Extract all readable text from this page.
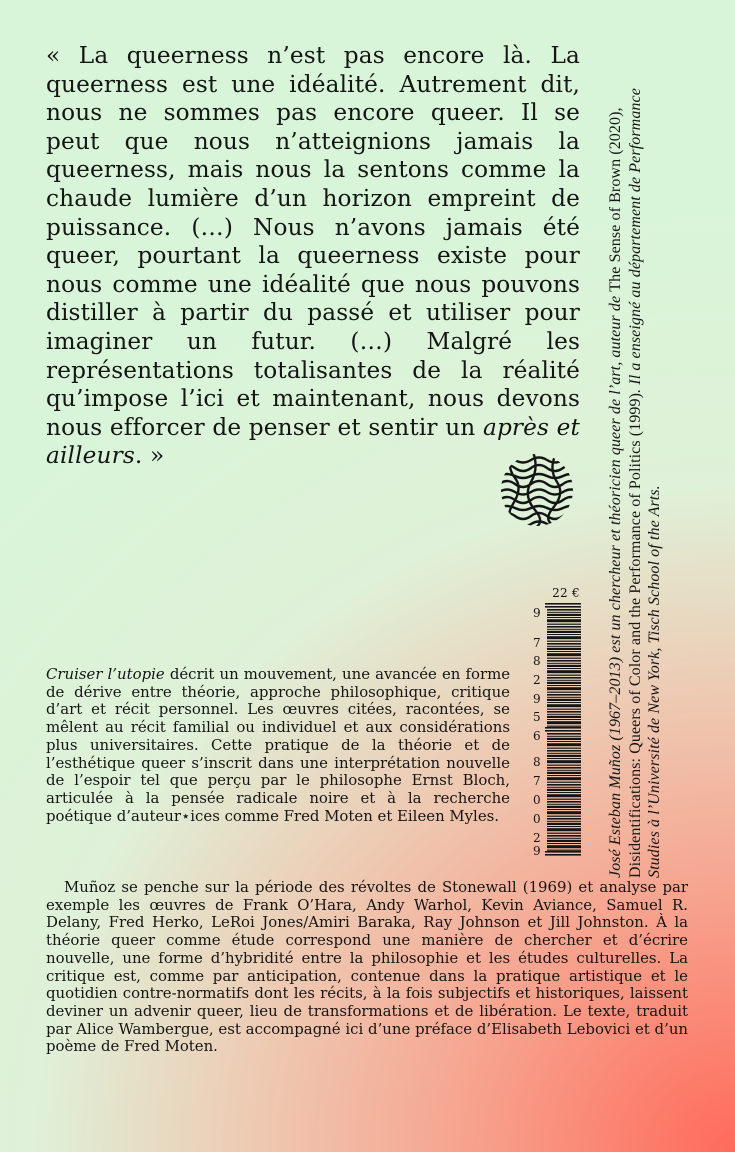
« La queerness n’est pas encore là. La queerness est une idéalité. Autrement dit, nous ne sommes pas encore queer. Il se peut que nous n’atteignions jamais la queerness, mais nous la sentons comme la chaude lumière d’un horizon empreint de puissance. (…) Nous n’avons jamais été queer, pourtant la queerness existe pour nous comme une idéalité que nous pouvons distiller à partir du passé et utiliser pour imaginer un futur. (…) Malgré les représentations totalisantes de la réalité qu’impose l’ici et maintenant, nous devons nous efforcer de penser et sentir un après et ailleurs. »

22 €
9
7
8
2
9
5
6
8
7
0
0
2
9	José Esteban Muñoz (1967–2013) est un chercheur et théoricien queer de l’art, auteur de The Sense of Brown (2020), Disidentifications: Queers of Color and the Performance of Politics (1999). Il a enseigné au département de Performance Studies à l’Université de New York, Tisch School of the Arts.

Cruiser l’utopie décrit un mouvement, une avancée en forme de dérive entre théorie, approche philosophique, critique d’art et récit personnel. Les œuvres citées, racontées, se mêlent au récit familial ou individuel et aux considérations plus universitaires. Cette pratique de la théorie et de l’esthétique queer s’inscrit dans une interprétation nouvelle de l’espoir tel que perçu par le philosophe Ernst Bloch, articulée à la pensée radicale noire et à la recherche poétique d’auteur⋆ices comme Fred Moten et Eileen Myles.

Muñoz se penche sur la période des révoltes de Stonewall (1969) et analyse par exemple les œuvres de Frank O’Hara, Andy Warhol, Kevin Aviance, Samuel R. Delany, Fred Herko, LeRoi Jones/Amiri Baraka, Ray Johnson et Jill Johnston. À la théorie queer comme étude correspond une manière de chercher et d’écrire nouvelle, une forme d’hybridité entre la philosophie et les études culturelles. La critique est, comme par anticipation, contenue dans la pratique artistique et le quotidien contre-normatifs dont les récits, à la fois subjectifs et historiques, laissent deviner un advenir queer, lieu de transformations et de libération. Le texte, traduit par Alice Wambergue, est accompagné ici d’une préface d’Elisabeth Lebovici et d’un poème de Fred Moten.
